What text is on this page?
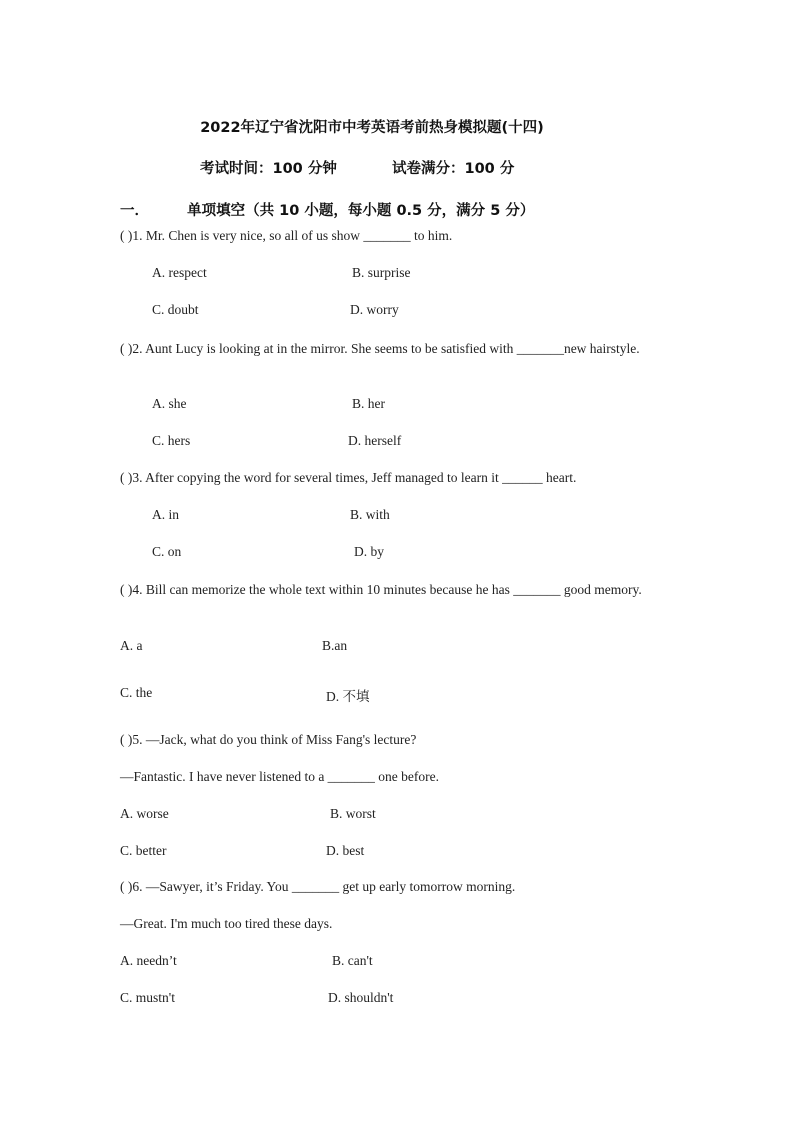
2022年辽宁省沈阳市中考英语考前热身模拟题(十四)
考试时间：100 分钟	试卷满分：100 分
一．	单项填空（共 10 小题，每小题 0.5 分，满分 5 分）
( )1. Mr. Chen is very nice, so all of us show _______ to him.
A. respect	B. surprise
C. doubt	D. worry
( )2. Aunt Lucy is looking at in the mirror. She seems to be satisfied with _______new hairstyle.
A. she	B. her
C. hers	D. herself
( )3. After copying the word for several times, Jeff managed to learn it ______ heart.
A. in	B. with
C. on	D. by
( )4. Bill can memorize the whole text within 10 minutes because he has _______ good memory.
A. a	B.an
C. the	D. 不填
( )5. —Jack, what do you think of Miss Fang's lecture?
—Fantastic. I have never listened to a _______ one before.
A. worse	B. worst
C. better	D. best
( )6. —Sawyer, it’s Friday. You _______ get up early tomorrow morning.
—Great. I'm much too tired these days.
A. needn’t	B. can't
C. mustn't	D. shouldn't
